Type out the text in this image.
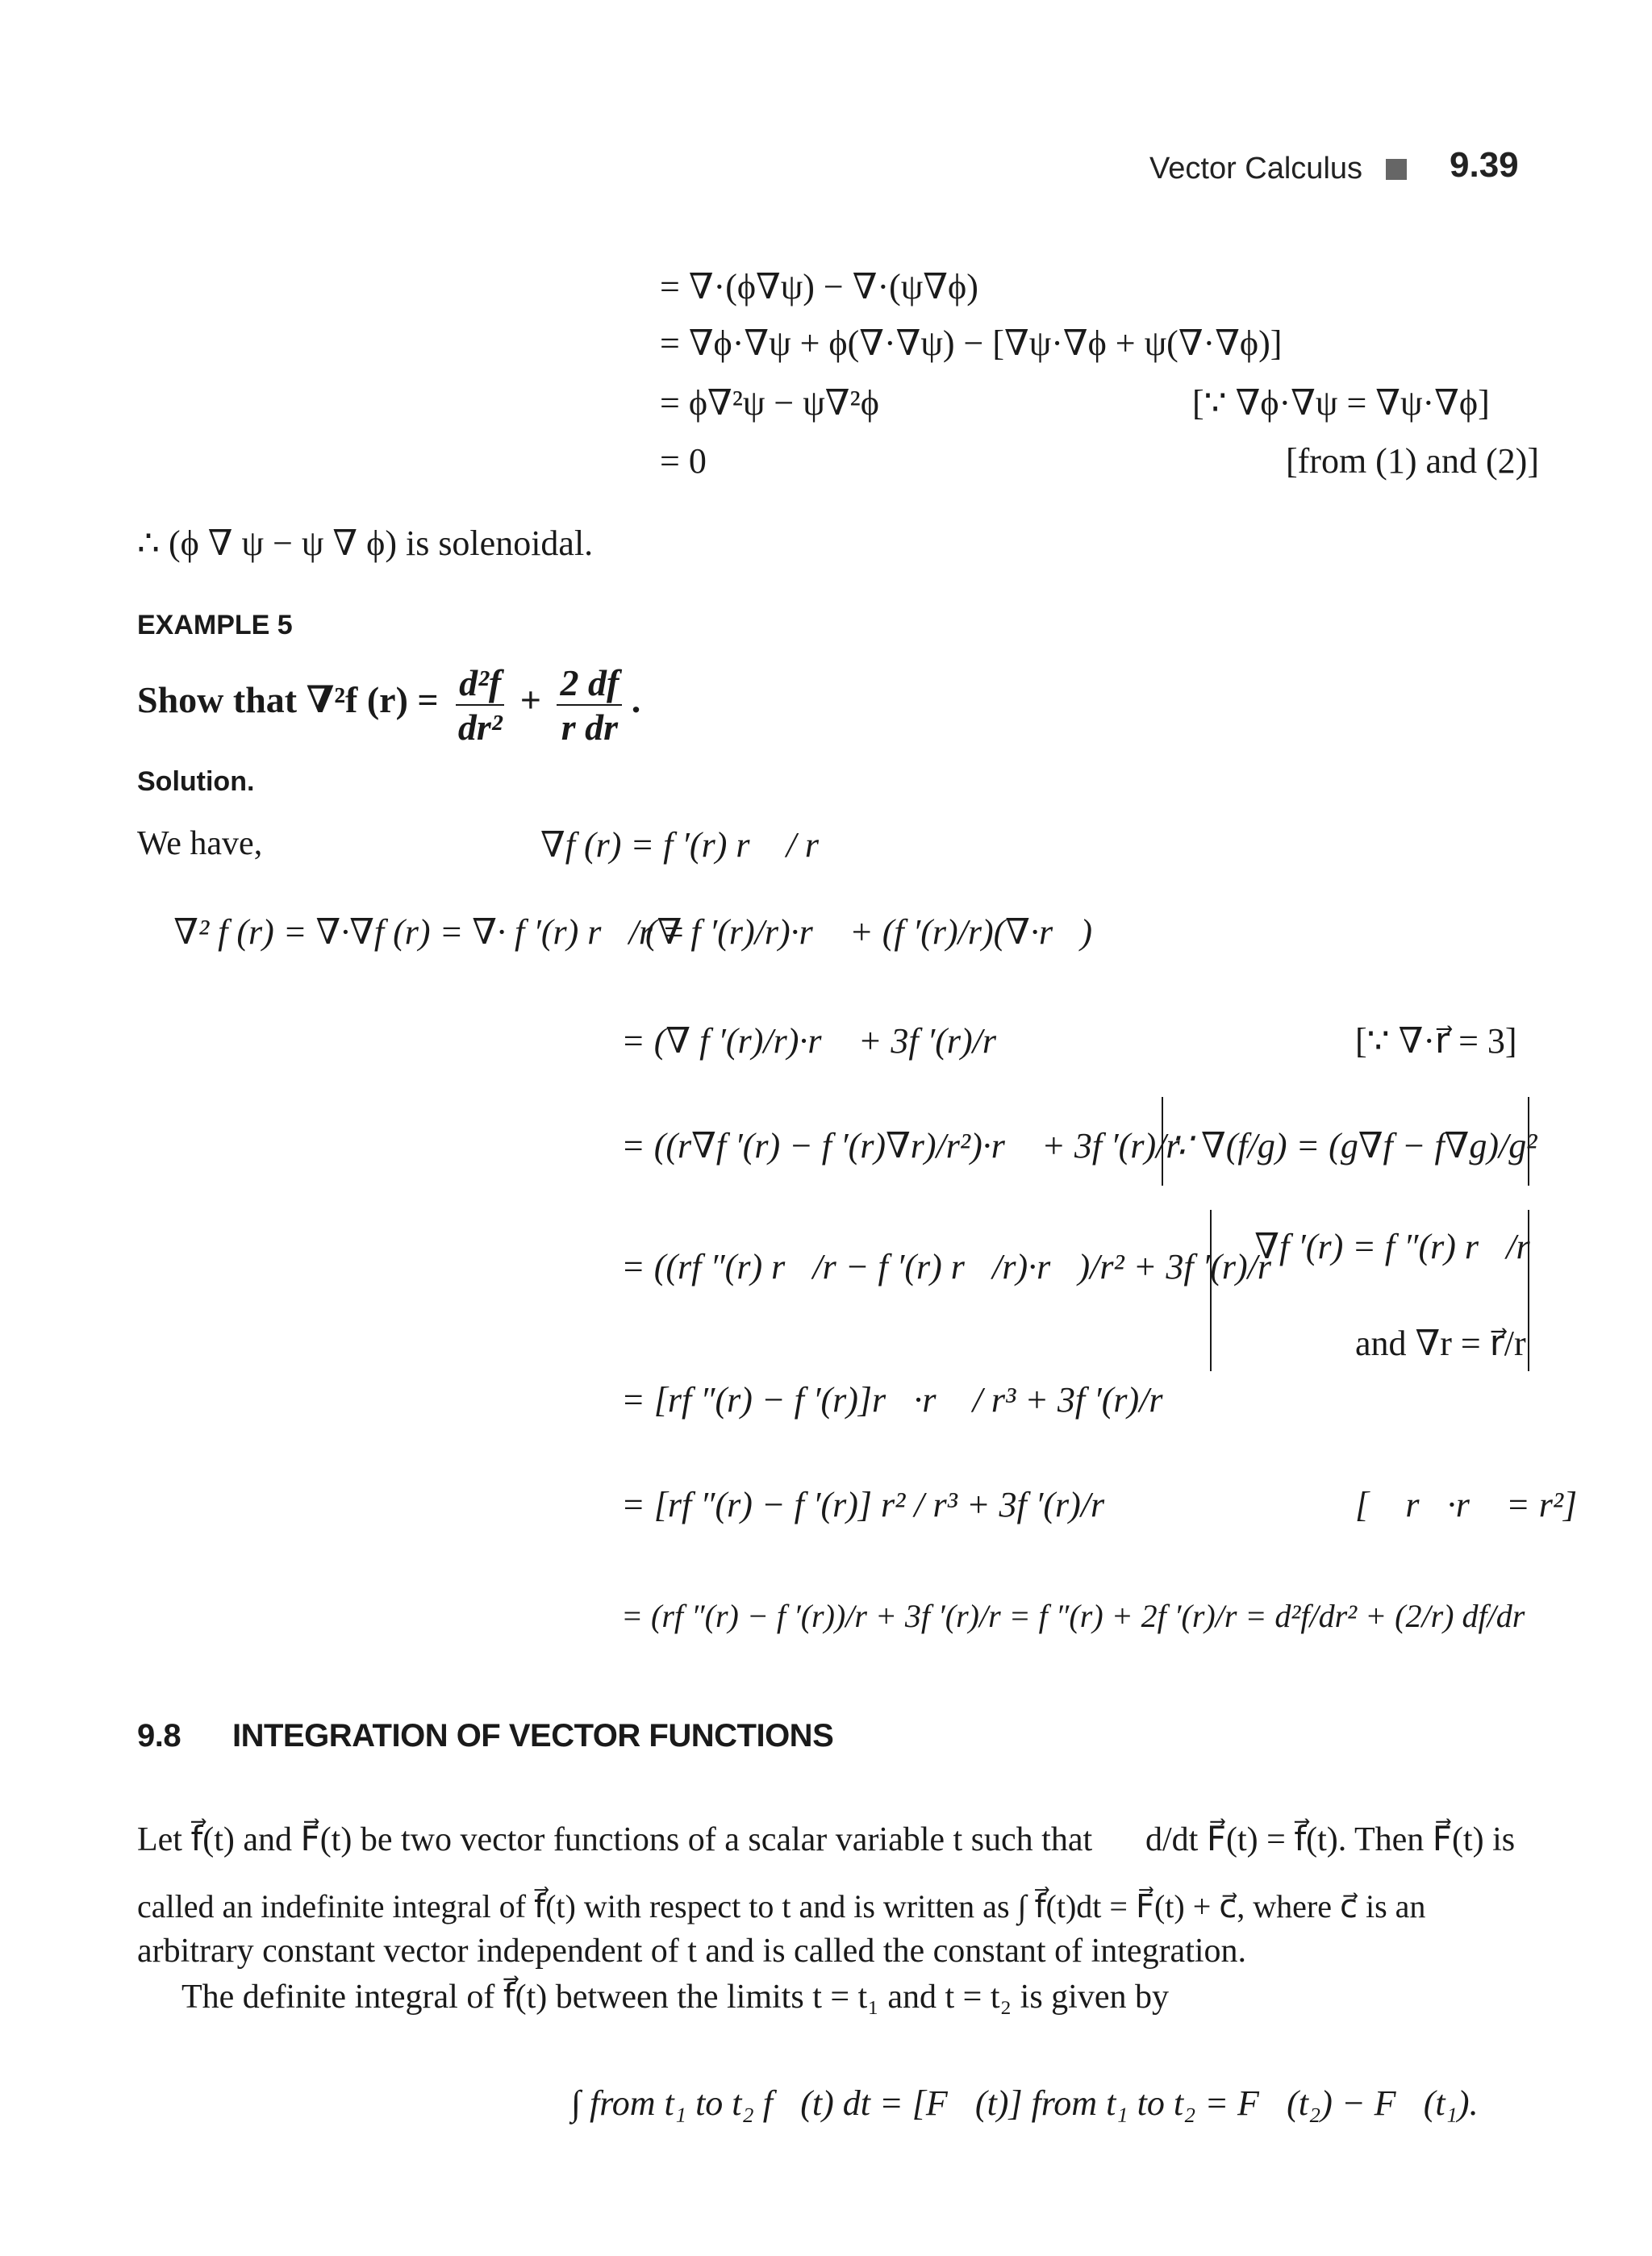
Vector Calculus 9.39
= ∇·(ϕ∇ψ) − ∇·(ψ∇ϕ)
= ∇ϕ·∇ψ + ϕ(∇·∇ψ) − [∇ψ·∇ϕ + ψ(∇·∇ϕ)]
= ϕ∇²ψ − ψ∇²ϕ	[∵ ∇ϕ·∇ψ = ∇ψ·∇ϕ]
= 0	[from (1) and (2)]
∴ (ϕ ∇ ψ − ψ ∇ ϕ) is solenoidal.
EXAMPLE 5
Show that ∇²f $(r) = \frac{\text{d²f}}{\text{dr²}} + \frac{2 df}{\text{r dr}}$ .
Solution.
We have,	∇f (r) = f ′(r) r⃗ / r
∴ ∇² f (r) = ∇·∇f (r) = ∇· f ′(r) r⃗/r =
(∇ f ′(r)/r)·r⃗ + (f ′(r)/r)(∇·r⃗)
= (∇ f ′(r)/r)·r⃗ + 3f ′(r)/r	[∵ ∇·r⃗ = 3]
= ((r∇f ′(r) − f ′(r)∇r)/r²)·r⃗ + 3f ′(r)/r
∵ ∇(f/g) = (g∇f − f∇g)/g²
= ((rf ″(r) r⃗/r − f ′(r) r⃗/r)·r⃗)/r² + 3f ′(r)/r
∵ ∇f ′(r) = f ″(r) r⃗/r
and ∇r = r⃗/r
= [rf ″(r) − f ′(r)]r⃗·r⃗ / r³ + 3f ′(r)/r
= [rf ″(r) − f ′(r)] r² / r³ + 3f ′(r)/r	[∵ r⃗·r⃗ = r²]
= (rf ″(r) − f ′(r))/r + 3f ′(r)/r = f ″(r) + 2f ′(r)/r = d²f/dr² + (2/r) df/dr
9.8 INTEGRATION OF VECTOR FUNCTIONS
Let f⃗(t) and F⃗(t) be two vector functions of a scalar variable t such that d/dt F⃗(t) = f⃗(t). Then F⃗(t) is
called an indefinite integral of f⃗(t) with respect to t and is written as ∫ f⃗(t)dt = F⃗(t) + c⃗, where c⃗ is an
arbitrary constant vector independent of t and is called the constant of integration.
The definite integral of f⃗(t) between the limits t = t₁ and t = t₂ is given by
∫ from t₁ to t₂ f⃗(t) dt = [F⃗(t)] from t₁ to t₂ = F⃗(t₂) − F⃗(t₁).
